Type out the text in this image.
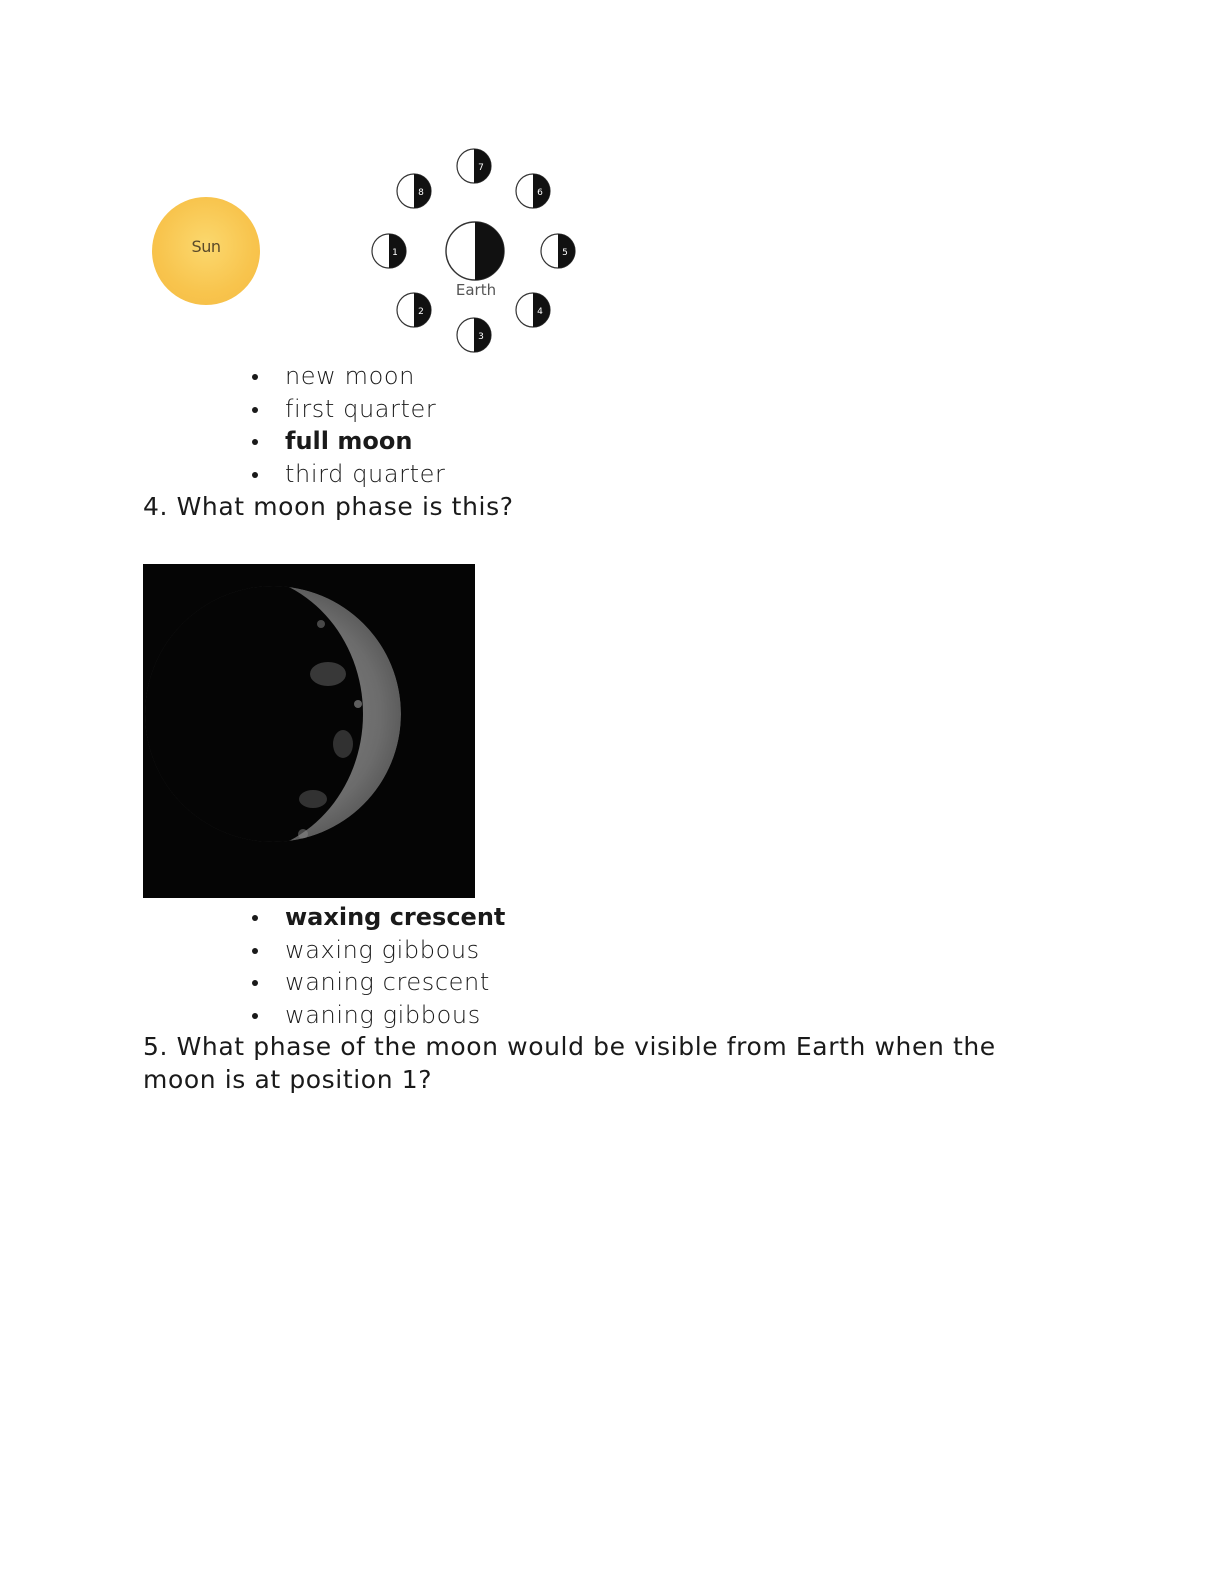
Sun	1
2
3
4
5
6
7
8
Earth
new moon
first quarter
full moon
third quarter
4. What moon phase is this?
waxing crescent
waxing gibbous
waning crescent
waning gibbous
5. What phase of the moon would be visible from Earth when the
moon is at position 1?
